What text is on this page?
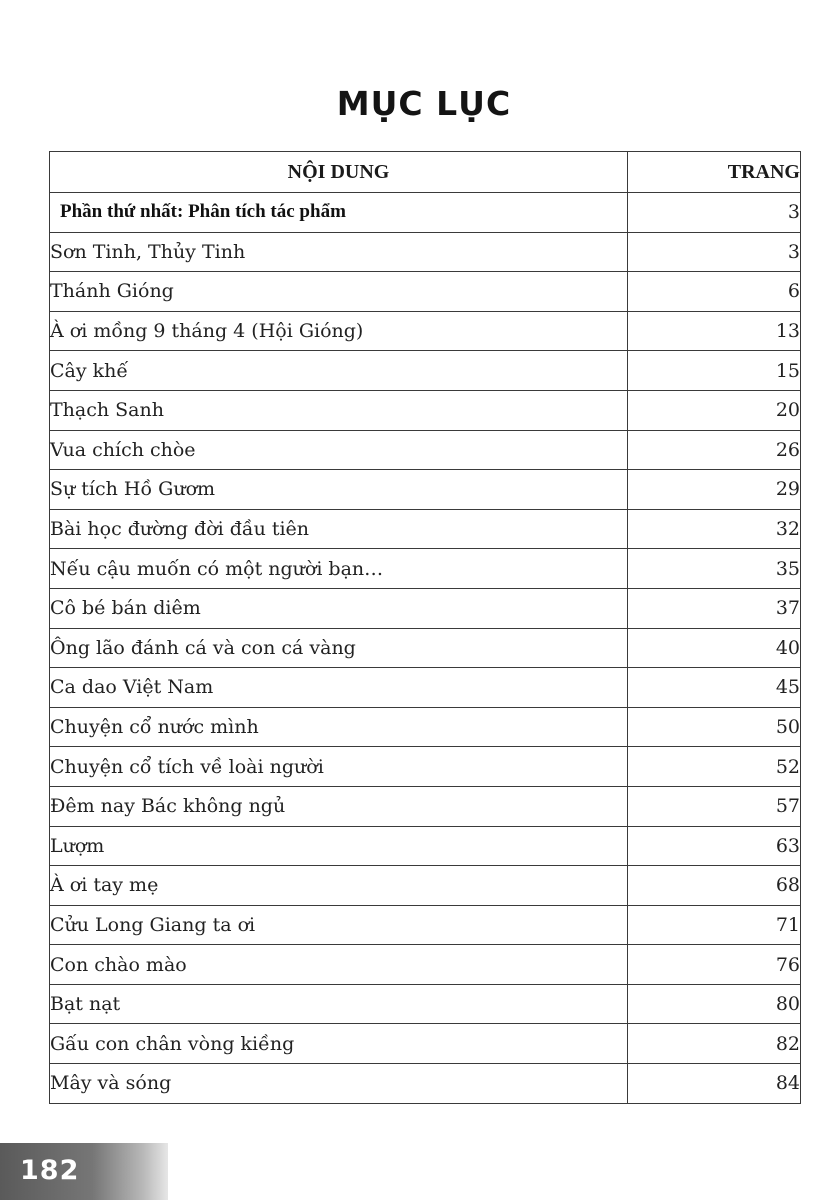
MỤC LỤC
NỘI DUNG	TRANG
Phần thứ nhất: Phân tích tác phẩm	3
Sơn Tinh, Thủy Tinh	3
Thánh Gióng	6
À ơi mồng 9 tháng 4 (Hội Gióng)	13
Cây khế	15
Thạch Sanh	20
Vua chích chòe	26
Sự tích Hồ Gươm	29
Bài học đường đời đầu tiên	32
Nếu cậu muốn có một người bạn…	35
Cô bé bán diêm	37
Ông lão đánh cá và con cá vàng	40
Ca dao Việt Nam	45
Chuyện cổ nước mình	50
Chuyện cổ tích về loài người	52
Đêm nay Bác không ngủ	57
Lượm	63
À ơi tay mẹ	68
Cửu Long Giang ta ơi	71
Con chào mào	76
Bạt nạt	80
Gấu con chân vòng kiềng	82
Mây và sóng	84
182
